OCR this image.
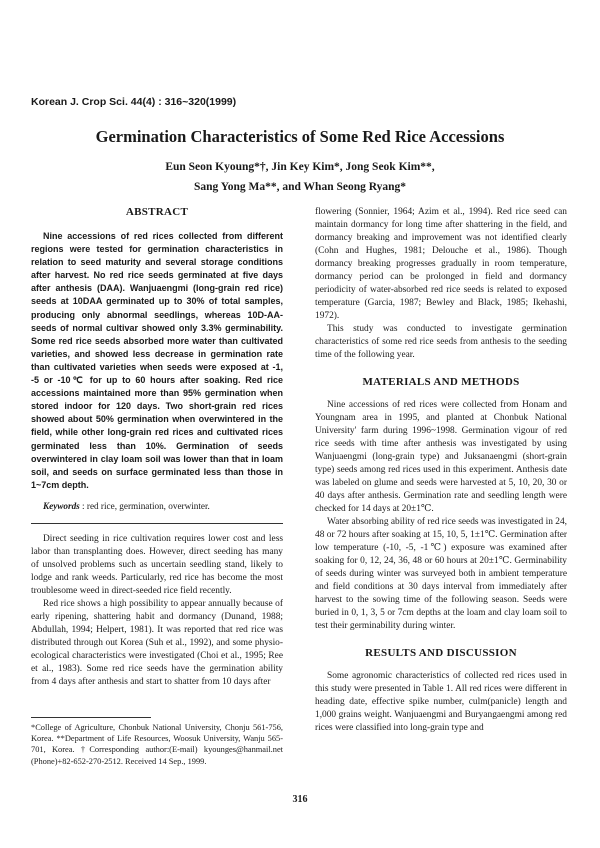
Korean J. Crop Sci. 44(4) : 316~320(1999)
Germination Characteristics of Some Red Rice Accessions
Eun Seon Kyoung*†, Jin Key Kim*, Jong Seok Kim**,
Sang Yong Ma**, and Whan Seong Ryang*
ABSTRACT
Nine accessions of red rices collected from different regions were tested for germination characteristics in relation to seed maturity and several storage conditions after harvest. No red rice seeds germinated at five days after anthesis (DAA). Wanjuaengmi (long-grain red rice) seeds at 10DAA germinated up to 30% of total samples, producing only abnormal seedlings, whereas 10D-AA-seeds of normal cultivar showed only 3.3% germinability. Some red rice seeds absorbed more water than cultivated varieties, and showed less decrease in germination rate than cultivated varieties when seeds were exposed at -1, -5 or -10℃ for up to 60 hours after soaking. Red rice accessions maintained more than 95% germination when stored indoor for 120 days. Two short-grain red rices showed about 50% germination when overwintered in the field, while other long-grain red rices and cultivated rices germinated less than 10%. Germination of seeds overwintered in clay loam soil was lower than that in loam soil, and seeds on surface germinated less than those in 1~7cm depth.
Keywords : red rice, germination, overwinter.

Direct seeding in rice cultivation requires lower cost and less labor than transplanting does. However, direct seeding has many of unsolved problems such as uncertain seedling stand, likely to lodge and rank weeds. Particularly, red rice has become the most troublesome weed in direct-seeded rice field recently.

Red rice shows a high possibility to appear annually because of early ripening, shattering habit and dormancy (Dunand, 1988; Abdullah, 1994; Helpert, 1981). It was reported that red rice was distributed through out Korea (Suh et al., 1992), and some physio-ecological characteristics were investigated (Choi et al., 1995; Ree et al., 1983). Some red rice seeds have the germination ability from 4 days after anthesis and start to shatter from 10 days after

flowering (Sonnier, 1964; Azim et al., 1994). Red rice seed can maintain dormancy for long time after shattering in the field, and dormancy breaking and improvement was not identified clearly (Cohn and Hughes, 1981; Delouche et al., 1986). Though dormancy breaking progresses gradually in room temperature, dormancy period can be prolonged in field and dormancy periodicity of water-absorbed red rice seeds is related to exposed temperature (Garcia, 1987; Bewley and Black, 1985; Ikehashi, 1972).

This study was conducted to investigate germination characteristics of some red rice seeds from anthesis to the seeding time of the following year.

MATERIALS AND METHODS

Nine accessions of red rices were collected from Honam and Youngnam area in 1995, and planted at Chonbuk National University' farm during 1996~1998. Germination vigour of red rice seeds with time after anthesis was investigated by using Wanjuaengmi (long-grain type) and Juksanaengmi (short-grain type) seeds among red rices used in this experiment. Anthesis date was labeled on glume and seeds were harvested at 5, 10, 20, 30 or 40 days after anthesis. Germination rate and seedling length were checked for 14 days at 20±1℃.

Water absorbing ability of red rice seeds was investigated in 24, 48 or 72 hours after soaking at 15, 10, 5, 1±1℃. Germination after low temperature (-10, -5, -1℃) exposure was examined after soaking for 0, 12, 24, 36, 48 or 60 hours at 20±1℃. Germinability of seeds during winter was surveyed both in ambient temperature and field conditions at 30 days interval from immediately after harvest to the sowing time of the following season. Seeds were buried in 0, 1, 3, 5 or 7cm depths at the loam and clay loam soil to test their germinability during winter.

RESULTS AND DISCUSSION

Some agronomic characteristics of collected red rices used in this study were presented in Table 1. All red rices were different in heading date, effective spike number, culm(panicle) length and 1,000 grains weight. Wanjuaengmi and Buryangaengmi among red rices were classified into long-grain type and

*College of Agriculture, Chonbuk National University, Chonju 561-756, Korea. **Department of Life Resources, Woosuk University, Wanju 565-701, Korea. †Corresponding author:(E-mail) kyounges@hanmail.net (Phone)+82-652-270-2512. Received 14 Sep., 1999.
316
